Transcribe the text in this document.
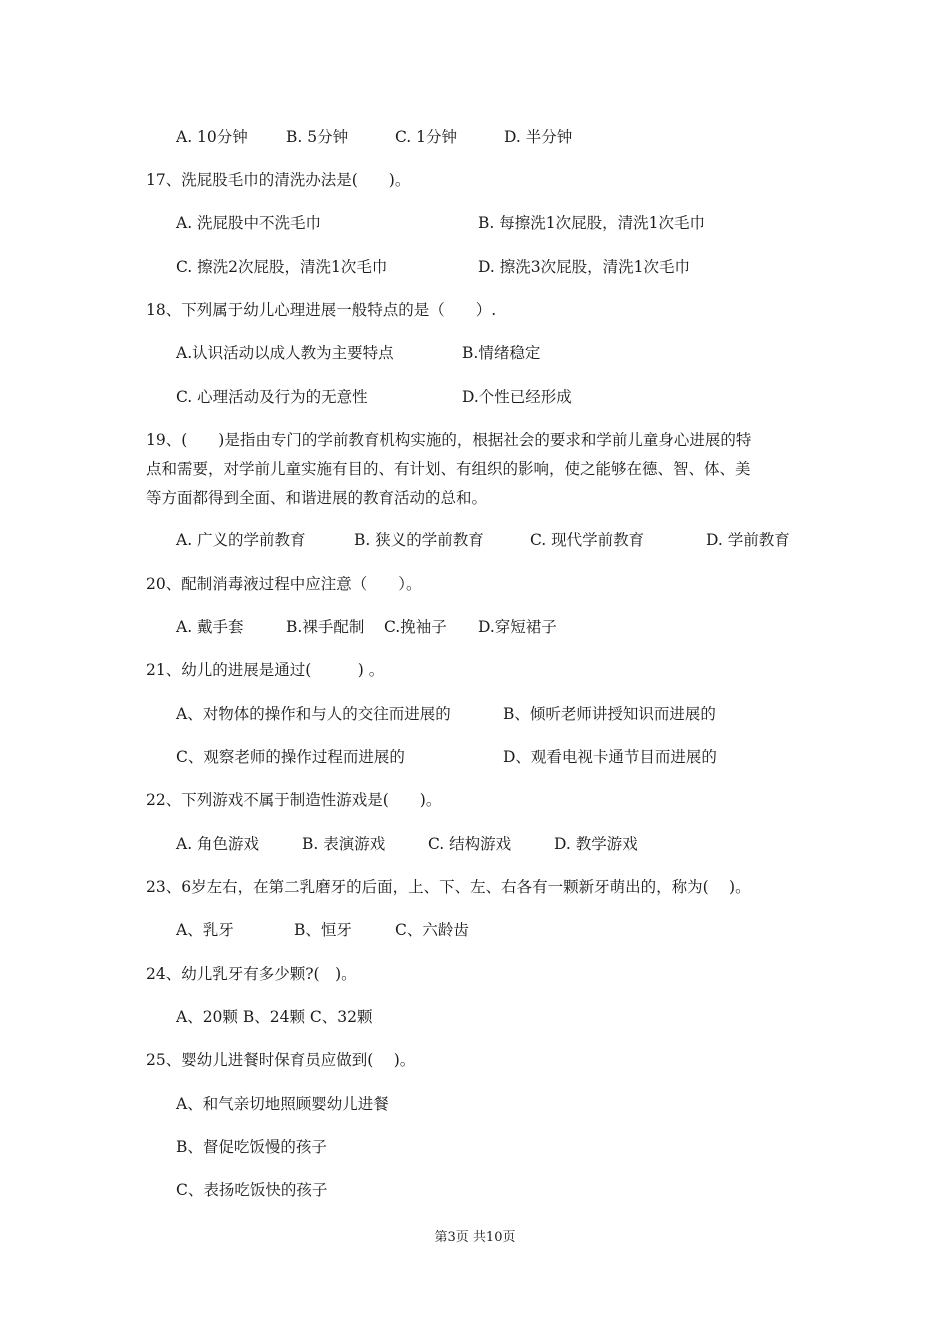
A. 10分钟 B. 5分钟	C. 1分钟	D. 半分钟
17、洗屁股毛巾的清洗办法是(　　)。
A. 洗屁股中不洗毛巾	B. 每擦洗1次屁股，清洗1次毛巾
C. 擦洗2次屁股，清洗1次毛巾	D. 擦洗3次屁股，清洗1次毛巾
18、下列属于幼儿心理进展一般特点的是（　　）.
A.认识活动以成人教为主要特点	B.情绪稳定
C. 心理活动及行为的无意性	D.个性已经形成
19、(　　)是指由专门的学前教育机构实施的，根据社会的要求和学前儿童身心进展的特
点和需要，对学前儿童实施有目的、有计划、有组织的影响，使之能够在德、智、体、美
等方面都得到全面、和谐进展的教育活动的总和。
A. 广义的学前教育	B. 狭义的学前教育	C. 现代学前教育	D. 学前教育
20、配制消毒液过程中应注意（　　）。
A. 戴手套	B.裸手配制 C.挽袖子 D.穿短裙子
21、幼儿的进展是通过(　　　) 。
A、对物体的操作和与人的交往而进展的	B、倾听老师讲授知识而进展的
C、观察老师的操作过程而进展的	D、观看电视卡通节目而进展的
22、下列游戏不属于制造性游戏是(　　)。
A. 角色游戏	B. 表演游戏	C. 结构游戏	D. 教学游戏
23、6岁左右，在第二乳磨牙的后面，上、下、左、右各有一颗新牙萌出的，称为(　 )。
A、乳牙	B、恒牙	C、六龄齿
24、幼儿乳牙有多少颗?(　)。
A、20颗 B、24颗 C、32颗
25、婴幼儿进餐时保育员应做到(　 )。
A、和气亲切地照顾婴幼儿进餐
B、督促吃饭慢的孩子
C、表扬吃饭快的孩子
第3页 共10页
